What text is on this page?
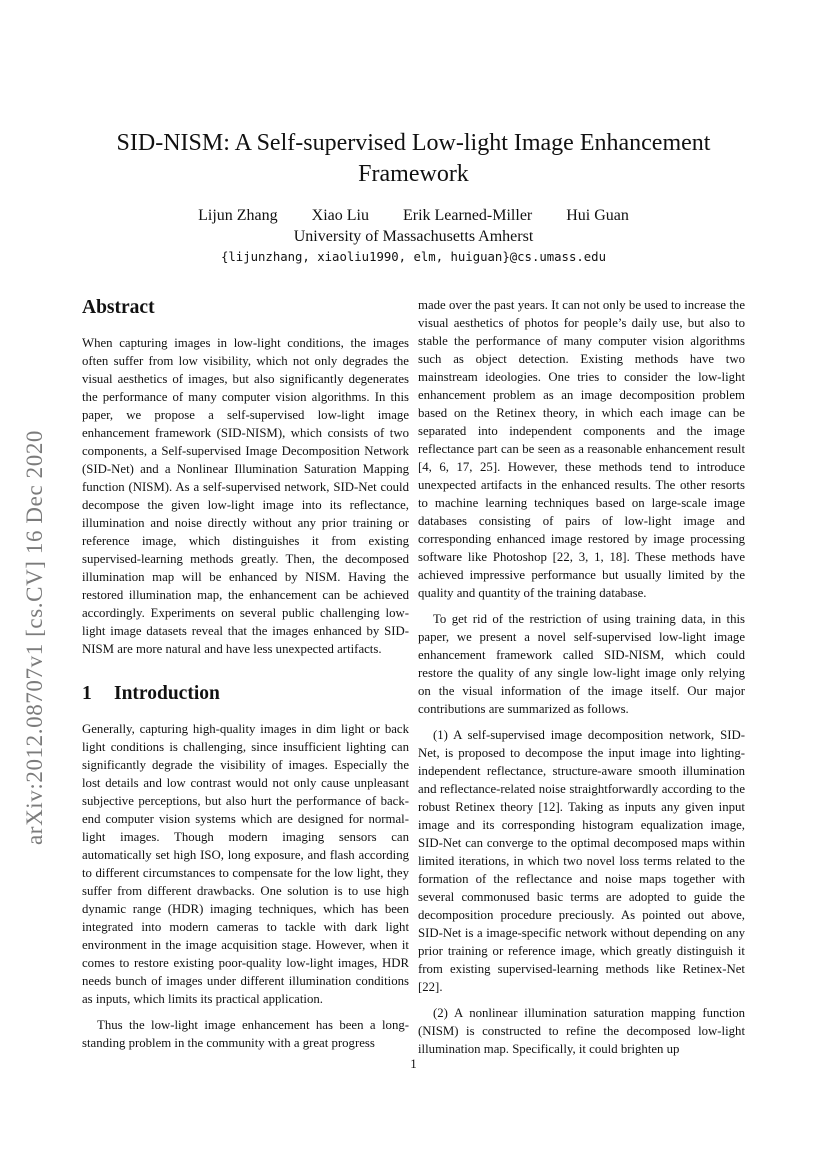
arXiv:2012.08707v1 [cs.CV] 16 Dec 2020
SID-NISM: A Self-supervised Low-light Image Enhancement Framework
Lijun Zhang Xiao Liu Erik Learned-Miller Hui Guan
University of Massachusetts Amherst
{lijunzhang, xiaoliu1990, elm, huiguan}@cs.umass.edu
Abstract

When capturing images in low-light conditions, the images often suffer from low visibility, which not only degrades the visual aesthetics of images, but also significantly degenerates the performance of many computer vision algorithms. In this paper, we propose a self-supervised low-light image enhancement framework (SID-NISM), which consists of two components, a Self-supervised Image Decomposition Network (SID-Net) and a Nonlinear Illumination Saturation Mapping function (NISM). As a self-supervised network, SID-Net could decompose the given low-light image into its reflectance, illumination and noise directly without any prior training or reference image, which distinguishes it from existing supervised-learning methods greatly. Then, the decomposed illumination map will be enhanced by NISM. Having the restored illumination map, the enhancement can be achieved accordingly. Experiments on several public challenging low-light image datasets reveal that the images enhanced by SID-NISM are more natural and have less unexpected artifacts.

1 Introduction

Generally, capturing high-quality images in dim light or back light conditions is challenging, since insufficient lighting can significantly degrade the visibility of images. Especially the lost details and low contrast would not only cause unpleasant subjective perceptions, but also hurt the performance of back-end computer vision systems which are designed for normal-light images. Though modern imaging sensors can automatically set high ISO, long exposure, and flash according to different circumstances to compensate for the low light, they suffer from different drawbacks. One solution is to use high dynamic range (HDR) imaging techniques, which has been integrated into modern cameras to tackle with dark light environment in the image acquisition stage. However, when it comes to restore existing poor-quality low-light images, HDR needs bunch of images under different illumination conditions as inputs, which limits its practical application.

Thus the low-light image enhancement has been a long-standing problem in the community with a great progress

made over the past years. It can not only be used to increase the visual aesthetics of photos for people’s daily use, but also to stable the performance of many computer vision algorithms such as object detection. Existing methods have two mainstream ideologies. One tries to consider the low-light enhancement problem as an image decomposition problem based on the Retinex theory, in which each image can be separated into independent components and the image reflectance part can be seen as a reasonable enhancement result [4, 6, 17, 25]. However, these methods tend to introduce unexpected artifacts in the enhanced results. The other resorts to machine learning techniques based on large-scale image databases consisting of pairs of low-light image and corresponding enhanced image restored by image processing software like Photoshop [22, 3, 1, 18]. These methods have achieved impressive performance but usually limited by the quality and quantity of the training database.

To get rid of the restriction of using training data, in this paper, we present a novel self-supervised low-light image enhancement framework called SID-NISM, which could restore the quality of any single low-light image only relying on the visual information of the image itself. Our major contributions are summarized as follows.

(1) A self-supervised image decomposition network, SID-Net, is proposed to decompose the input image into lighting-independent reflectance, structure-aware smooth illumination and reflectance-related noise straightforwardly according to the robust Retinex theory [12]. Taking as inputs any given input image and its corresponding histogram equalization image, SID-Net can converge to the optimal decomposed maps within limited iterations, in which two novel loss terms related to the formation of the reflectance and noise maps together with several commonused basic terms are adopted to guide the decomposition procedure preciously. As pointed out above, SID-Net is a image-specific network without depending on any prior training or reference image, which greatly distinguish it from existing supervised-learning methods like Retinex-Net [22].

(2) A nonlinear illumination saturation mapping function (NISM) is constructed to refine the decomposed low-light illumination map. Specifically, it could brighten up

1
